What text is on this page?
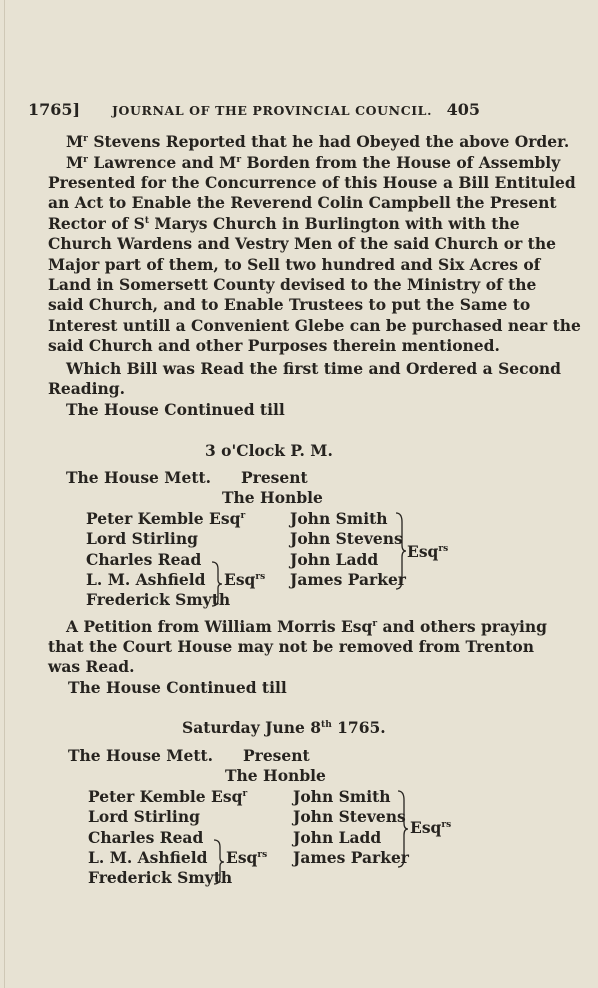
1765]	JOURNAL OF THE PROVINCIAL COUNCIL. 405
$M^r$ Stevens Reported that he had Obeyed the above Order.
$M^r$ Lawrence and $M^r$ Borden from the House of Assembly
Presented for the Concurrence of this House a Bill Entituled
an Act to Enable the Reverend Colin Campbell the Present
Rector of $S^t$ Marys Church in Burlington with with the
Church Wardens and Vestry Men of the said Church or the
Major part of them, to Sell two hundred and Six Acres of
Land in Somersett County devised to the Ministry of the
said Church, and to Enable Trustees to put the Same to
Interest untill a Convenient Glebe can be purchased near the
said Church and other Purposes therein mentioned.
Which Bill was Read the first time and Ordered a Second
Reading.
The House Continued till
3 o'Clock P. M.
The House Mett. Present
The Honble
Peter Kemble Esq$^r$
Lord Stirling
Charles Read
L. M. Ashfield
Frederick Smyth
John Smith
John Stevens
John Ladd
James Parker
Esq$^{rs}$
Esq$^{rs}$
A Petition from William Morris Esq$^r$ and others praying
that the Court House may not be removed from Trenton
was Read.
The House Continued till
Saturday June 8th 1765.
The House Mett. Present
The Honble
Peter Kemble Esq$^r$
Lord Stirling
Charles Read
L. M. Ashfield
Frederick Smyth
John Smith
John Stevens
John Ladd
James Parker
Esq$^{rs}$
Esq$^{rs}$
